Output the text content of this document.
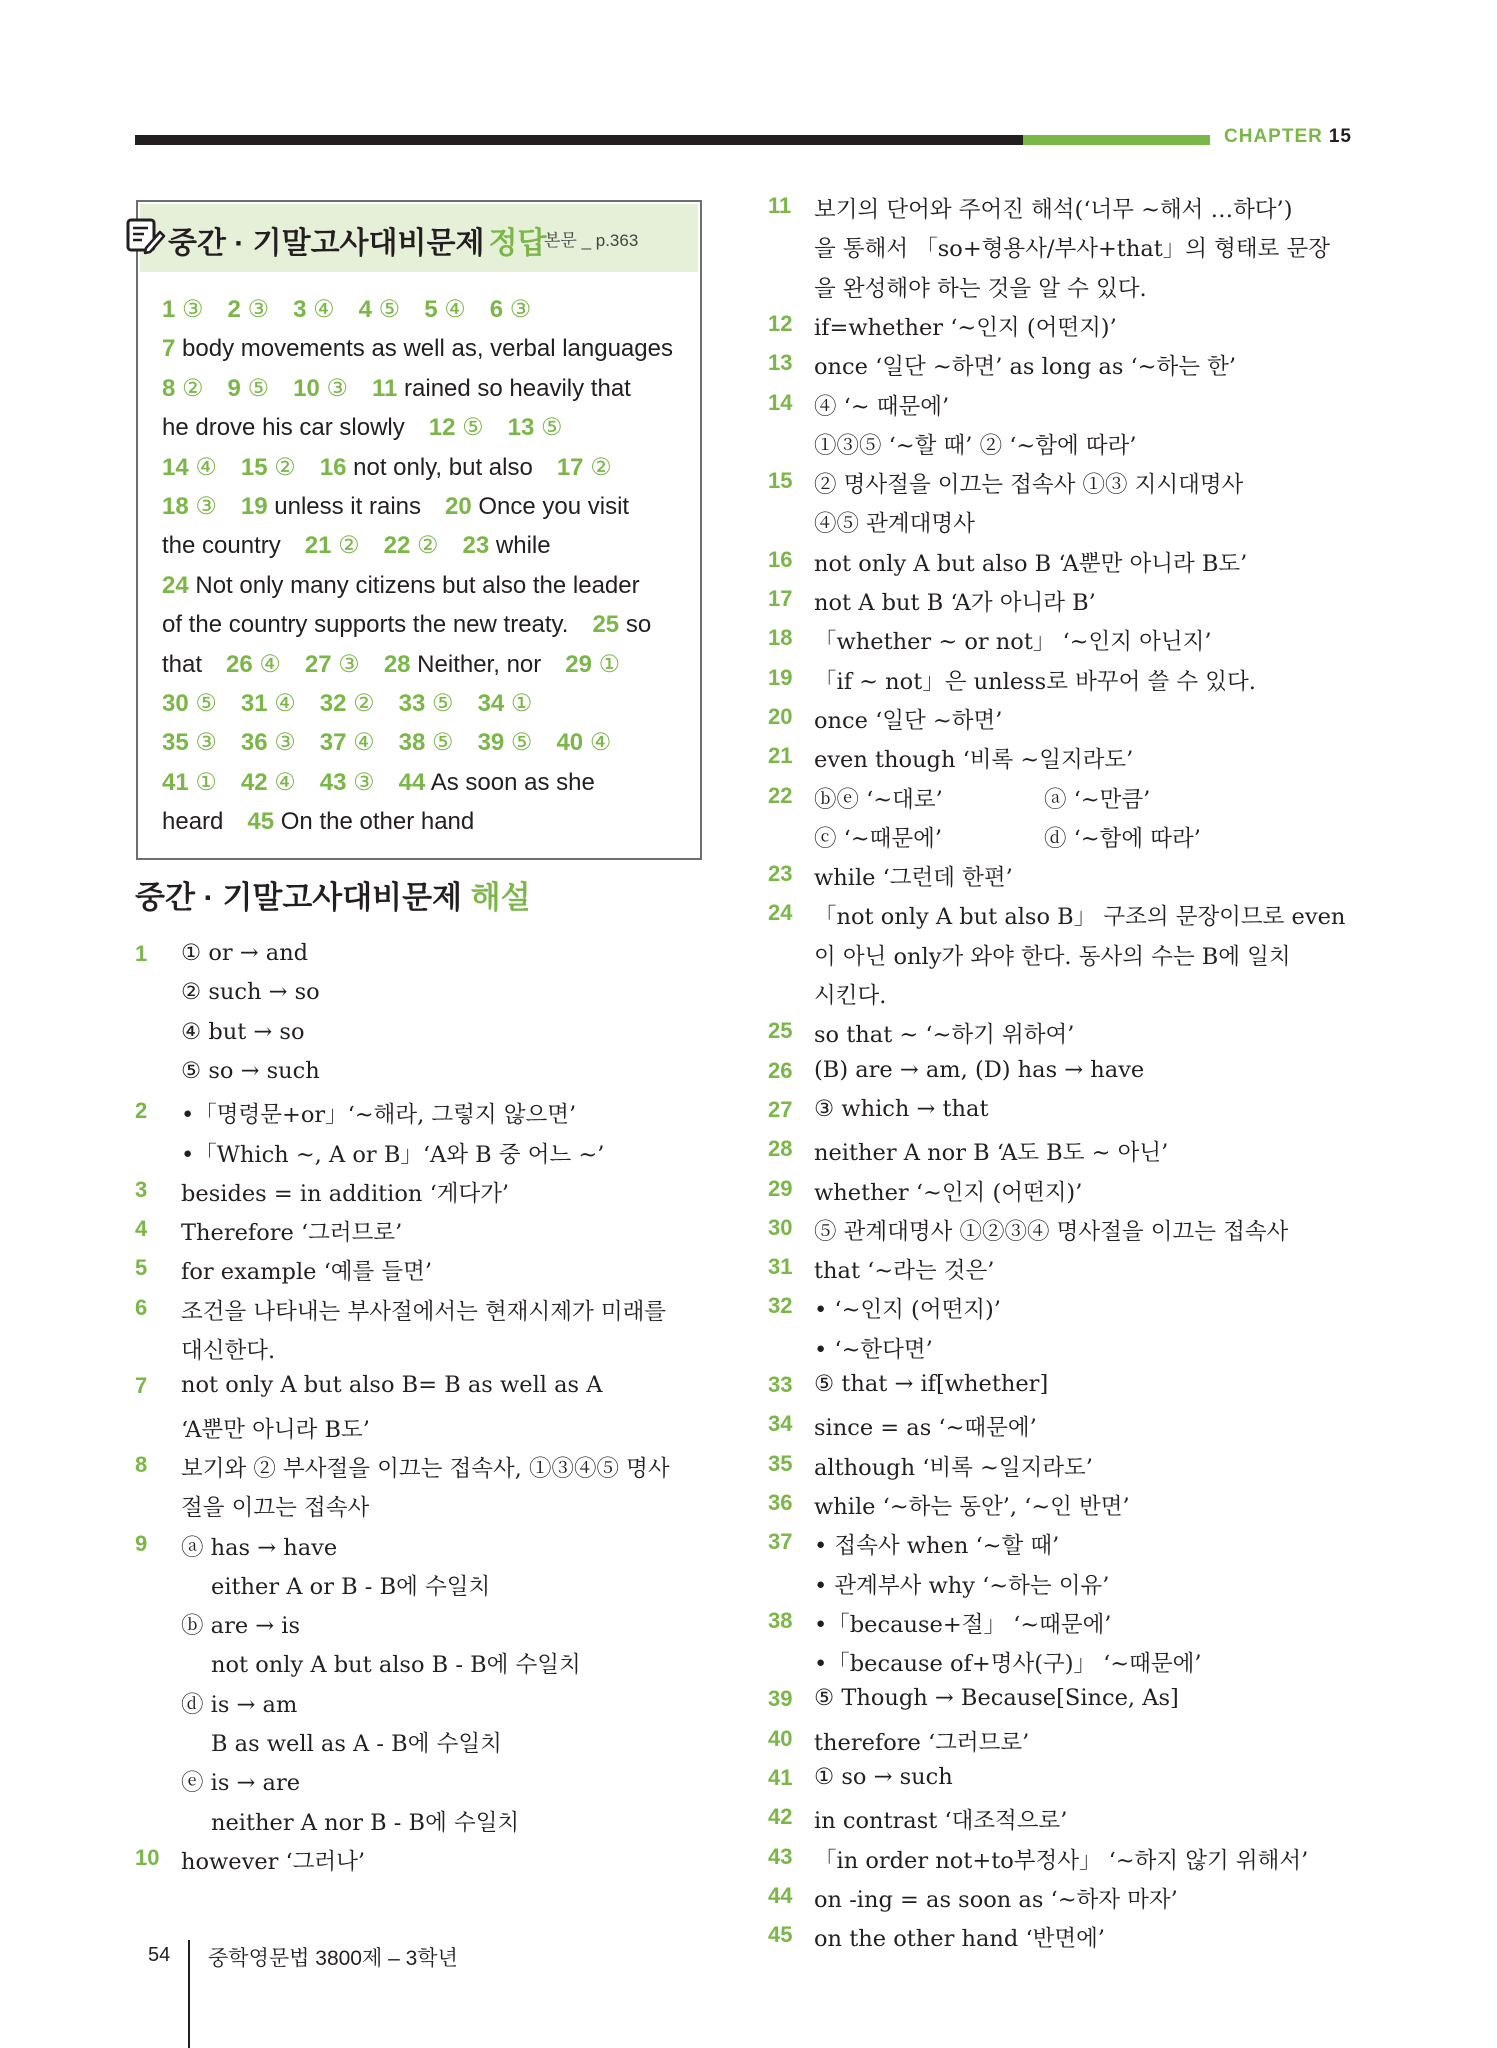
CHAPTER 15
중간 · 기말고사대비문제 정답
본문 _ p.363
1 ③  2 ③  3 ④  4 ⑤  5 ④  6 ③
7 body movements as well as, verbal languages
8 ②  9 ⑤  10 ③  11 rained so heavily that
he drove his car slowly  12 ⑤  13 ⑤
14 ④  15 ②  16 not only, but also  17 ②
18 ③  19 unless it rains  20 Once you visit
the country  21 ②  22 ②  23 while
24 Not only many citizens but also the leader
of the country supports the new treaty.  25 so
that  26 ④  27 ③  28 Neither, nor  29 ①
30 ⑤  31 ④  32 ②  33 ⑤  34 ①
35 ③  36 ③  37 ④  38 ⑤  39 ⑤  40 ④
41 ①  42 ④  43 ③  44 As soon as she
heard  45 On the other hand
중간 · 기말고사대비문제 해설
1 ① or → and
② such → so
④ but → so
⑤ so → such
2 •「명령문+or」‘~해라, 그렇지 않으면’
•「Which ~, A or B」‘A와 B 중 어느 ~’
3 besides = in addition ‘게다가’
4 Therefore ‘그러므로’
5 for example ‘예를 들면’
6 조건을 나타내는 부사절에서는 현재시제가 미래를
대신한다.
7 not only A but also B= B as well as A
‘A뿐만 아니라 B도’
8 보기와 ② 부사절을 이끄는 접속사, ①③④⑤ 명사
절을 이끄는 접속사
9 ⓐ has → have
either A or B - B에 수일치
ⓑ are → is
not only A but also B - B에 수일치
ⓓ is → am
B as well as A - B에 수일치
ⓔ is → are
neither A nor B - B에 수일치
10 however ‘그러나’
11 보기의 단어와 주어진 해석(‘너무 ~해서 …하다’)
을 통해서 「so+형용사/부사+that」의 형태로 문장
을 완성해야 하는 것을 알 수 있다.
12 if=whether ‘~인지 (어떤지)’
13 once ‘일단 ~하면’ as long as ‘~하는 한’
14 ④ ‘~ 때문에’
①③⑤ ‘~할 때’ ② ‘~함에 따라’
15 ② 명사절을 이끄는 접속사 ①③ 지시대명사
④⑤ 관계대명사
16 not only A but also B ‘A뿐만 아니라 B도’
17 not A but B ‘A가 아니라 B’
18 「whether ~ or not」 ‘~인지 아닌지’
19 「if ~ not」은 unless로 바꾸어 쓸 수 있다.
20 once ‘일단 ~하면’
21 even though ‘비록 ~일지라도’
22 ⓑⓔ ‘~대로’	ⓐ ‘~만큼’
ⓒ ‘~때문에’	ⓓ ‘~함에 따라’
23 while ‘그런데 한편’
24 「not only A but also B」 구조의 문장이므로 even
이 아닌 only가 와야 한다. 동사의 수는 B에 일치
시킨다.
25 so that ~ ‘~하기 위하여’
26 (B) are → am, (D) has → have
27 ③ which → that
28 neither A nor B ‘A도 B도 ~ 아닌’
29 whether ‘~인지 (어떤지)’
30 ⑤ 관계대명사 ①②③④ 명사절을 이끄는 접속사
31 that ‘~라는 것은’
32 • ‘~인지 (어떤지)’
• ‘~한다면’
33 ⑤ that → if[whether]
34 since = as ‘~때문에’
35 although ‘비록 ~일지라도’
36 while ‘~하는 동안’, ‘~인 반면’
37 • 접속사 when ‘~할 때’
• 관계부사 why ‘~하는 이유’
38 •「because+절」 ‘~때문에’
•「because of+명사(구)」 ‘~때문에’
39 ⑤ Though → Because[Since, As]
40 therefore ‘그러므로’
41 ① so → such
42 in contrast ‘대조적으로’
43 「in order not+to부정사」 ‘~하지 않기 위해서’
44 on -ing = as soon as ‘~하자 마자’
45 on the other hand ‘반면에’
54 중학영문법 3800제 – 3학년
